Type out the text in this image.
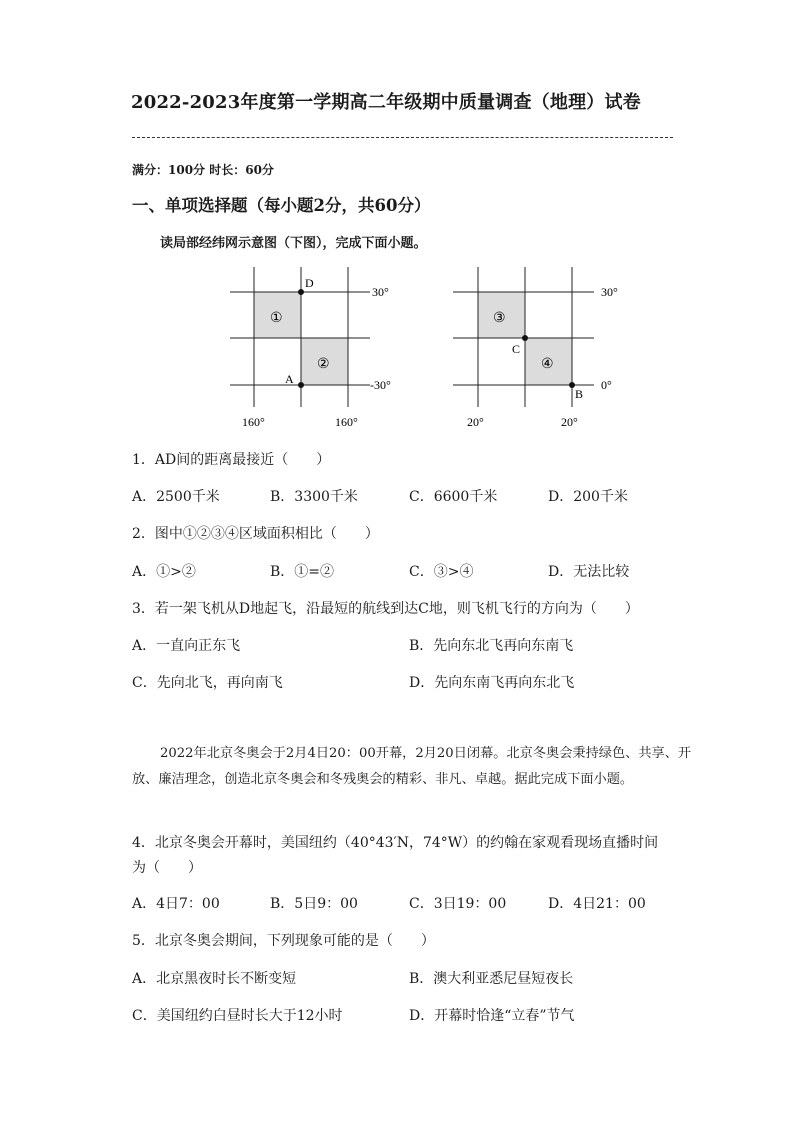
2022-2023年度第一学期高二年级期中质量调查（地理）试卷
满分：100分 时长：60分
一、单项选择题（每小题2分，共60分）
读局部经纬网示意图（下图），完成下面小题。
D
A
①
②
30°
-30°
160°	160°
C
B
③
④
30°
0°
20°	20°
1．AD间的距离最接近（　　）
A．2500千米	B．3300千米	C．6600千米	D．200千米
2．图中①②③④区域面积相比（　　）
A．①>②	B．①=②	C．③>④	D．无法比较
3．若一架飞机从D地起飞，沿最短的航线到达C地，则飞机飞行的方向为（　　）
A．一直向正东飞	B．先向东北飞再向东南飞
C．先向北飞，再向南飞	D．先向东南飞再向东北飞
2022年北京冬奥会于2月4日20：00开幕，2月20日闭幕。北京冬奥会秉持绿色、共享、开放、廉洁理念，创造北京冬奥会和冬残奥会的精彩、非凡、卓越。据此完成下面小题。
4．北京冬奥会开幕时，美国纽约（40°43′N，74°W）的约翰在家观看现场直播时间
为（　　）
A．4日7：00	B．5日9：00	C．3日19：00	D．4日21：00
5．北京冬奥会期间，下列现象可能的是（　　）
A．北京黑夜时长不断变短	B．澳大利亚悉尼昼短夜长
C．美国纽约白昼时长大于12小时	D．开幕时恰逢“立春”节气
